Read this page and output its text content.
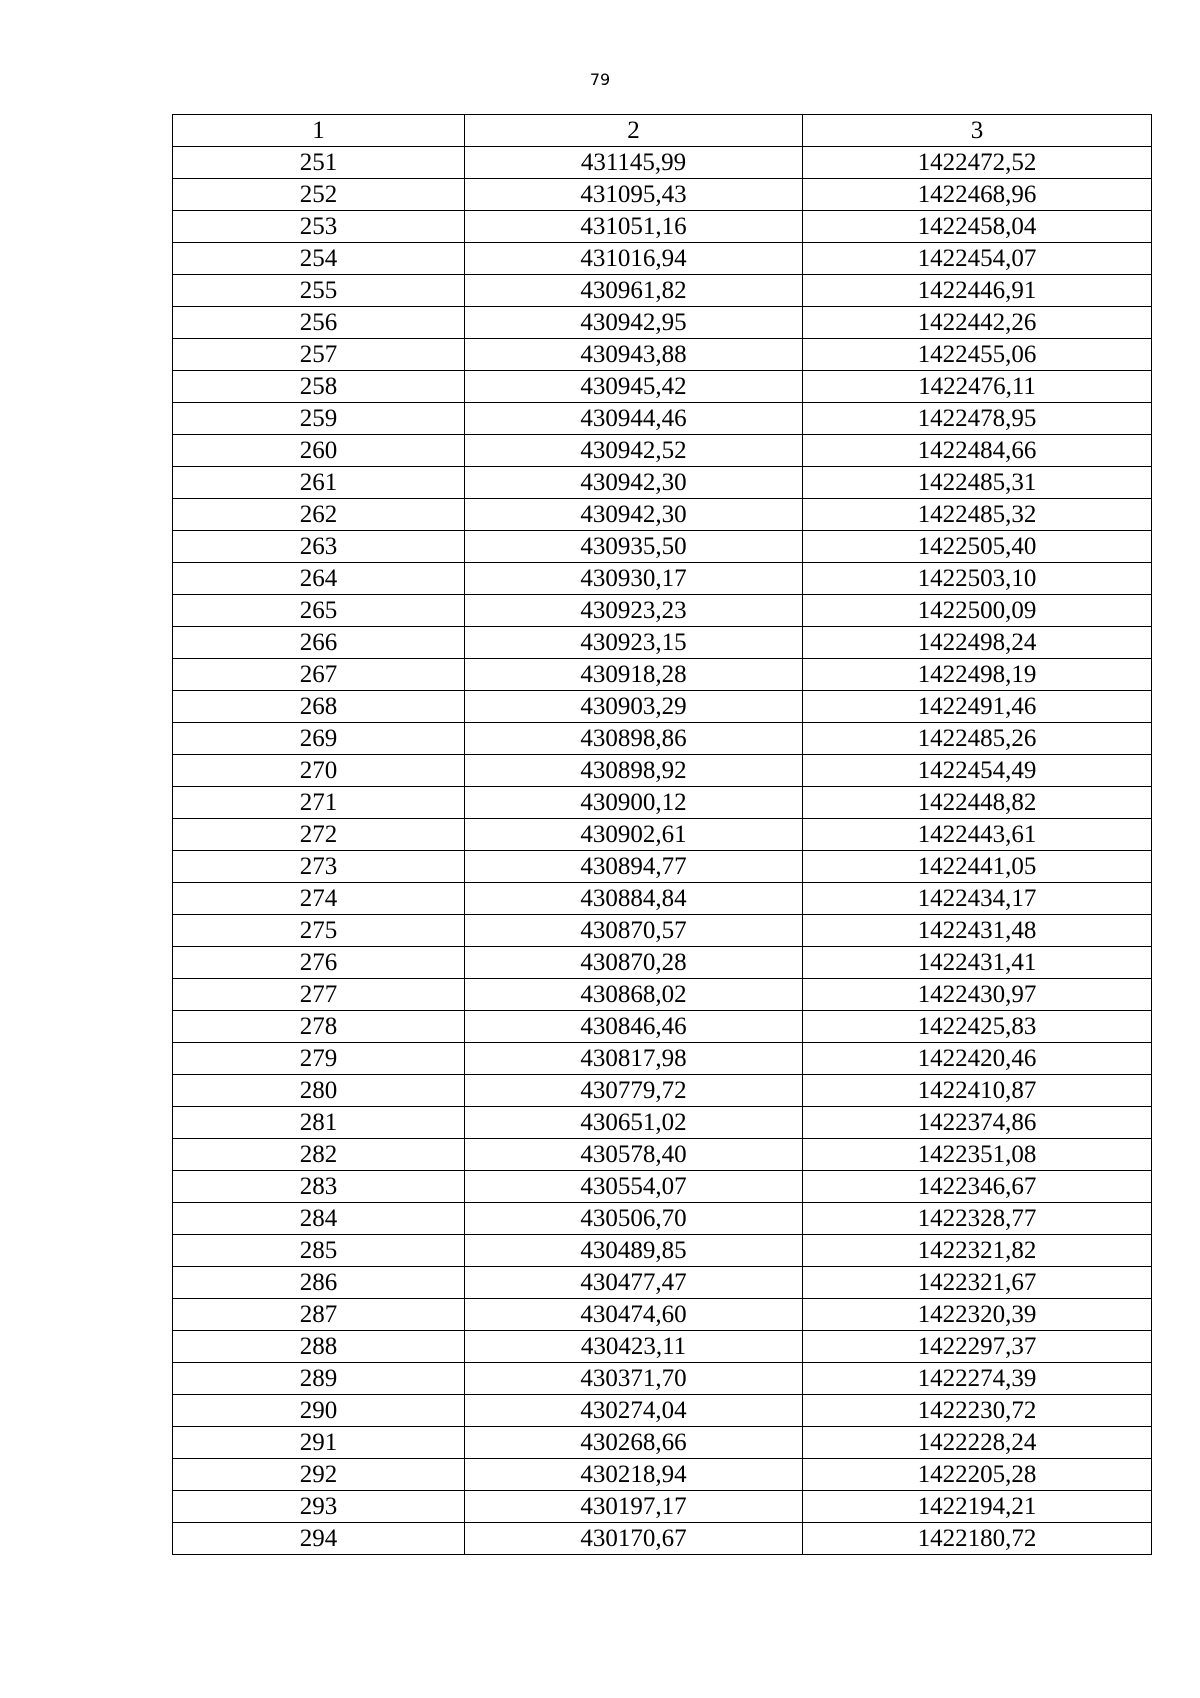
79
1	2	3
251	431145,99	1422472,52
252	431095,43	1422468,96
253	431051,16	1422458,04
254	431016,94	1422454,07
255	430961,82	1422446,91
256	430942,95	1422442,26
257	430943,88	1422455,06
258	430945,42	1422476,11
259	430944,46	1422478,95
260	430942,52	1422484,66
261	430942,30	1422485,31
262	430942,30	1422485,32
263	430935,50	1422505,40
264	430930,17	1422503,10
265	430923,23	1422500,09
266	430923,15	1422498,24
267	430918,28	1422498,19
268	430903,29	1422491,46
269	430898,86	1422485,26
270	430898,92	1422454,49
271	430900,12	1422448,82
272	430902,61	1422443,61
273	430894,77	1422441,05
274	430884,84	1422434,17
275	430870,57	1422431,48
276	430870,28	1422431,41
277	430868,02	1422430,97
278	430846,46	1422425,83
279	430817,98	1422420,46
280	430779,72	1422410,87
281	430651,02	1422374,86
282	430578,40	1422351,08
283	430554,07	1422346,67
284	430506,70	1422328,77
285	430489,85	1422321,82
286	430477,47	1422321,67
287	430474,60	1422320,39
288	430423,11	1422297,37
289	430371,70	1422274,39
290	430274,04	1422230,72
291	430268,66	1422228,24
292	430218,94	1422205,28
293	430197,17	1422194,21
294	430170,67	1422180,72
